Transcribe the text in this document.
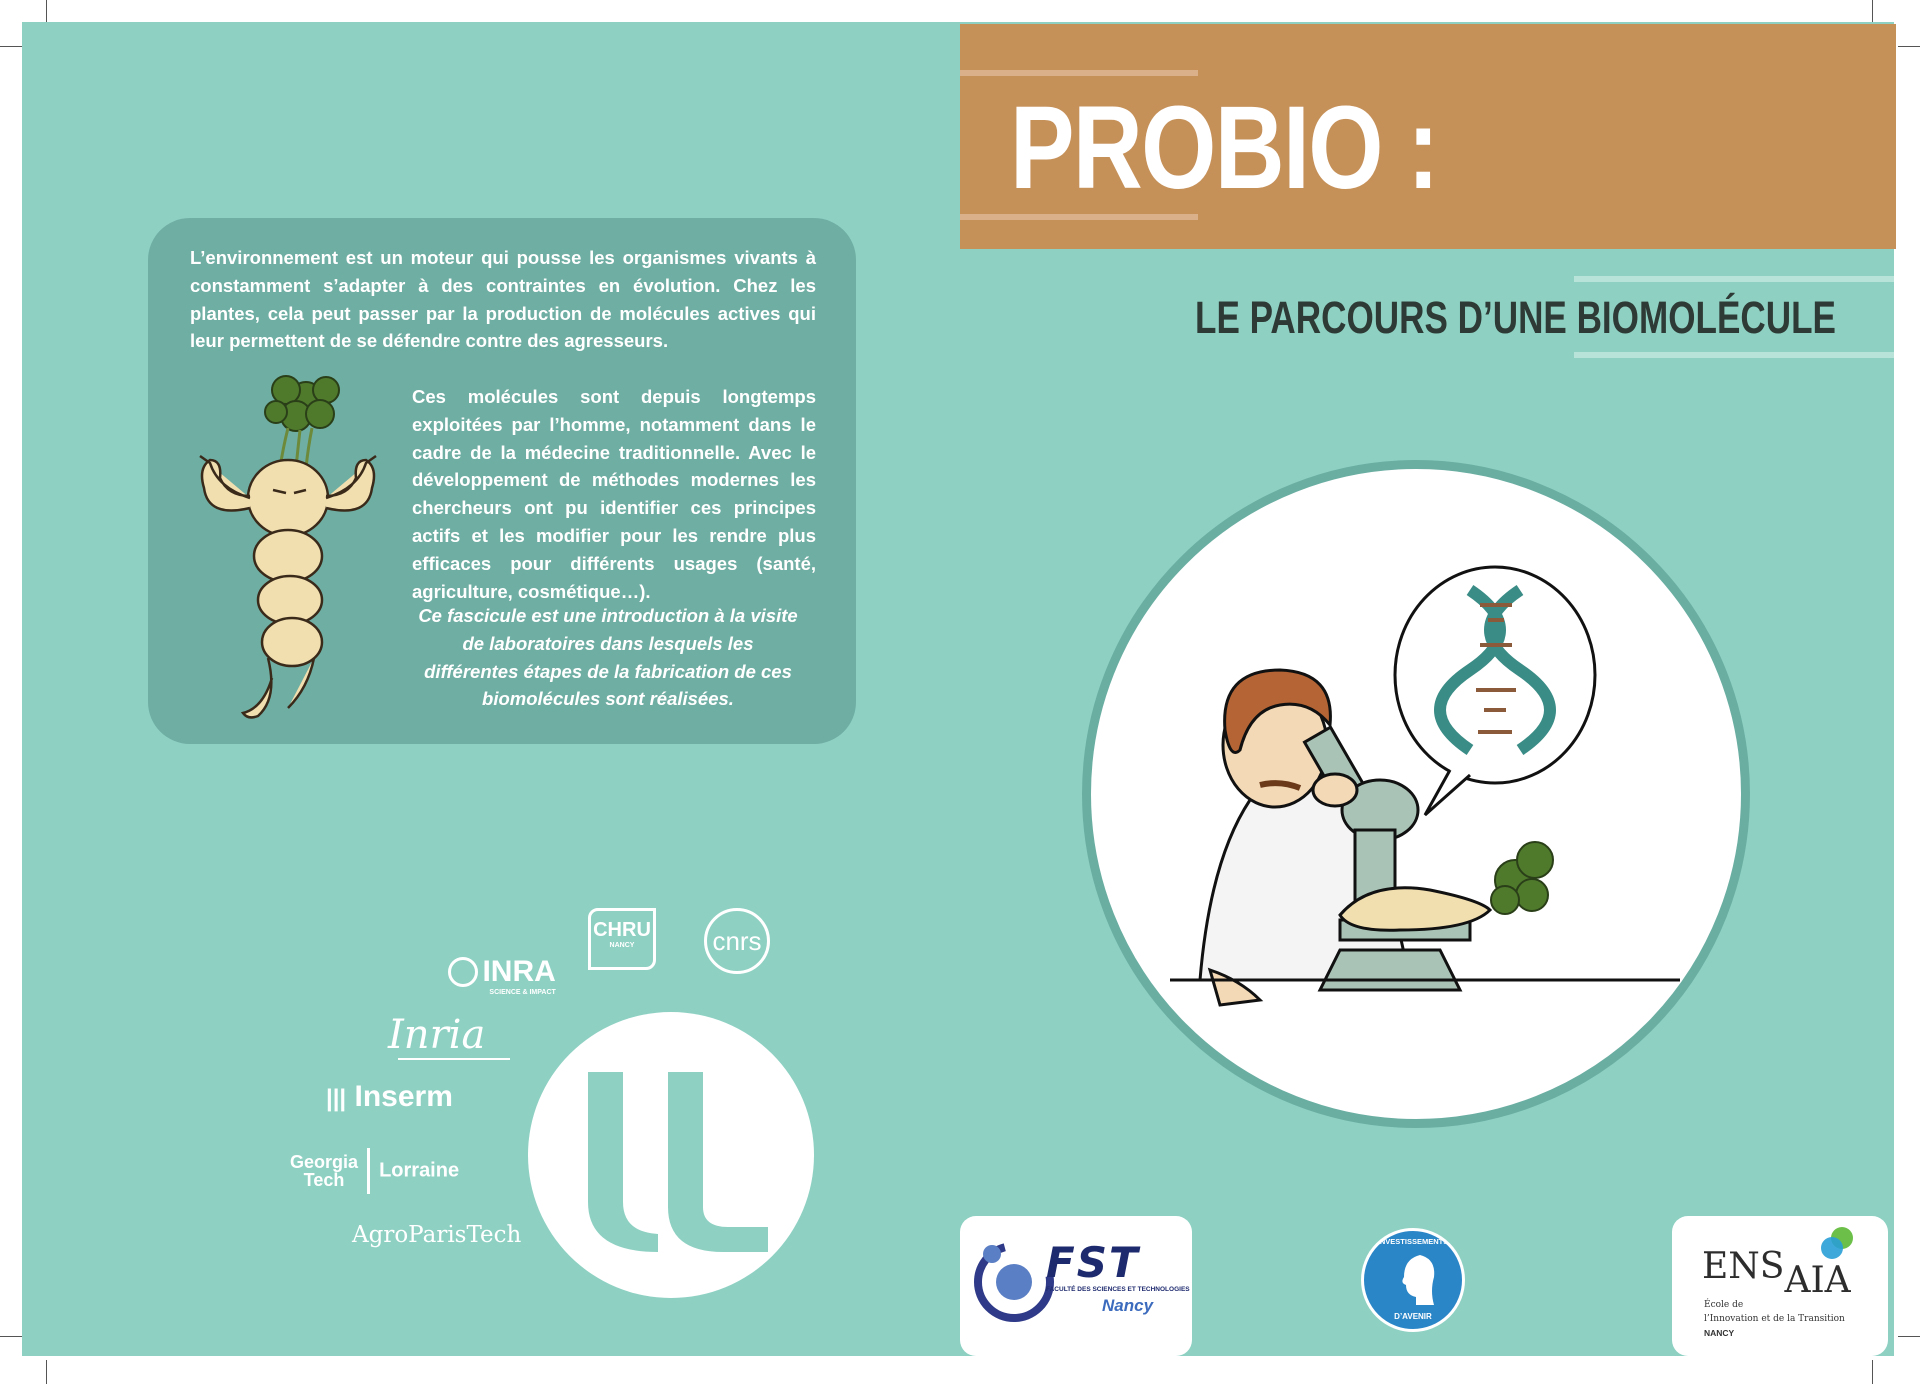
PROBIO :
LE PARCOURS D’UNE BIOMOLÉCULE
L’environnement est un moteur qui pousse les organismes vivants à constamment s’adapter à des contraintes en évolution. Chez les plantes, cela peut passer par la production de molécules actives qui leur permettent de se défendre contre des agresseurs.
Ces molécules sont depuis longtemps exploitées par l’homme, notamment dans le cadre de la médecine traditionnelle. Avec le développement de méthodes modernes les chercheurs ont pu identifier ces principes actifs et les modifier pour les rendre plus efficaces pour différents usages (santé, agriculture, cosmétique…).
Ce fascicule est une introduction à la visite de laboratoires dans lesquels les différentes étapes de la fabrication de ces biomolécules sont réalisées.
CHRU
NANCY	cnrs
INRA
SCIENCE & IMPACT
Inria
||| Inserm
Georgia
Tech	Lorraine
AgroParisTech
FST
FACULTÉ DES SCIENCES ET TECHNOLOGIES
Nancy
INVESTISSEMENTS
D’AVENIR
ENSAIA
École de
l’Innovation et de la Transition
NANCY
